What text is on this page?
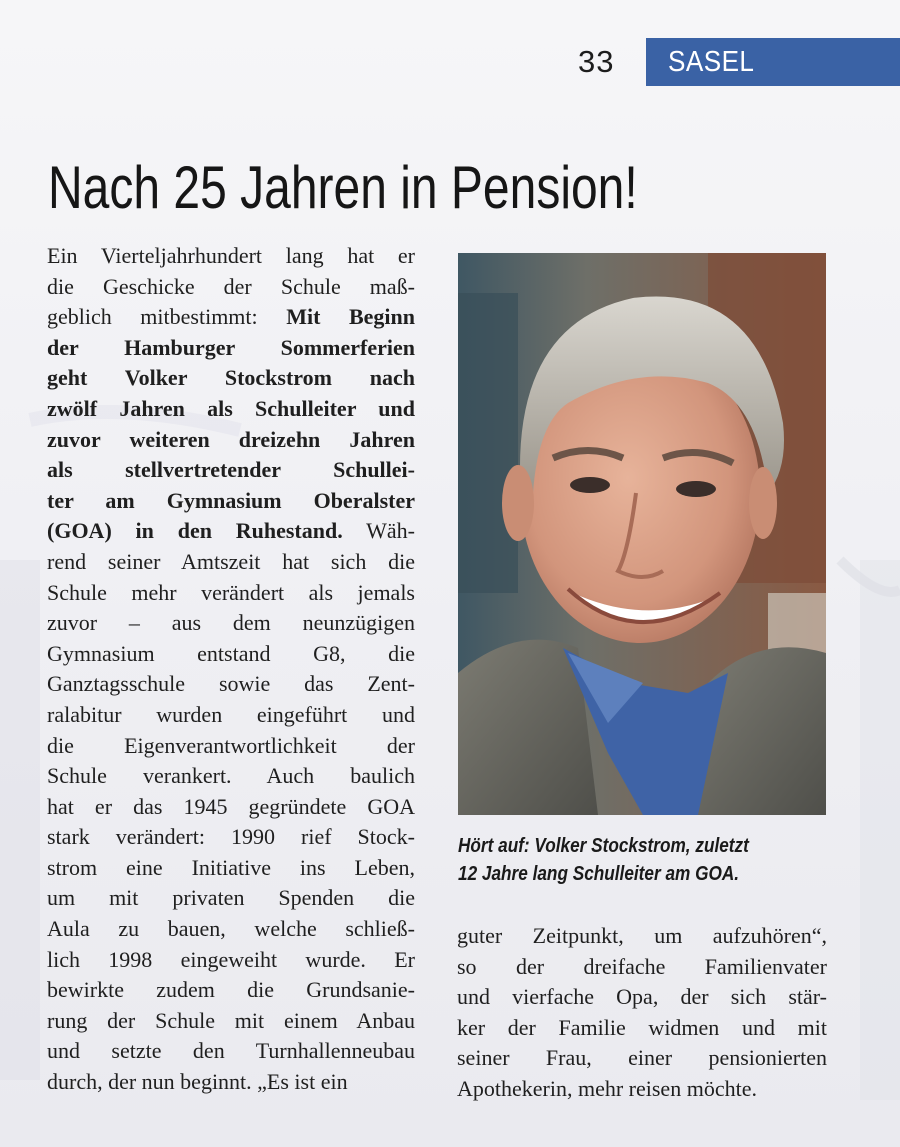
33 SASEL
Nach 25 Jahren in Pension!
Ein Vierteljahrhundert lang hat er
die Geschicke der Schule maß-
geblich mitbestimmt: Mit Beginn
der Hamburger Sommerferien
geht Volker Stockstrom nach
zwölf Jahren als Schulleiter und
zuvor weiteren dreizehn Jahren
als stellvertretender Schullei-
ter am Gymnasium Oberalster
(GOA) in den Ruhestand. Wäh-
rend seiner Amtszeit hat sich die
Schule mehr verändert als jemals
zuvor – aus dem neunzügigen
Gymnasium entstand G8, die
Ganztagsschule sowie das Zent-
ralabitur wurden eingeführt und
die Eigenverantwortlichkeit der
Schule verankert. Auch baulich
hat er das 1945 gegründete GOA
stark verändert: 1990 rief Stock-
strom eine Initiative ins Leben,
um mit privaten Spenden die
Aula zu bauen, welche schließ-
lich 1998 eingeweiht wurde. Er
bewirkte zudem die Grundsanie-
rung der Schule mit einem Anbau
und setzte den Turnhallenneubau
durch, der nun beginnt. „Es ist ein
Hört auf: Volker Stockstrom, zuletzt
12 Jahre lang Schulleiter am GOA.
guter Zeitpunkt, um aufzuhören“,
so der dreifache Familienvater
und vierfache Opa, der sich stär-
ker der Familie widmen und mit
seiner Frau, einer pensionierten
Apothekerin, mehr reisen möchte.
